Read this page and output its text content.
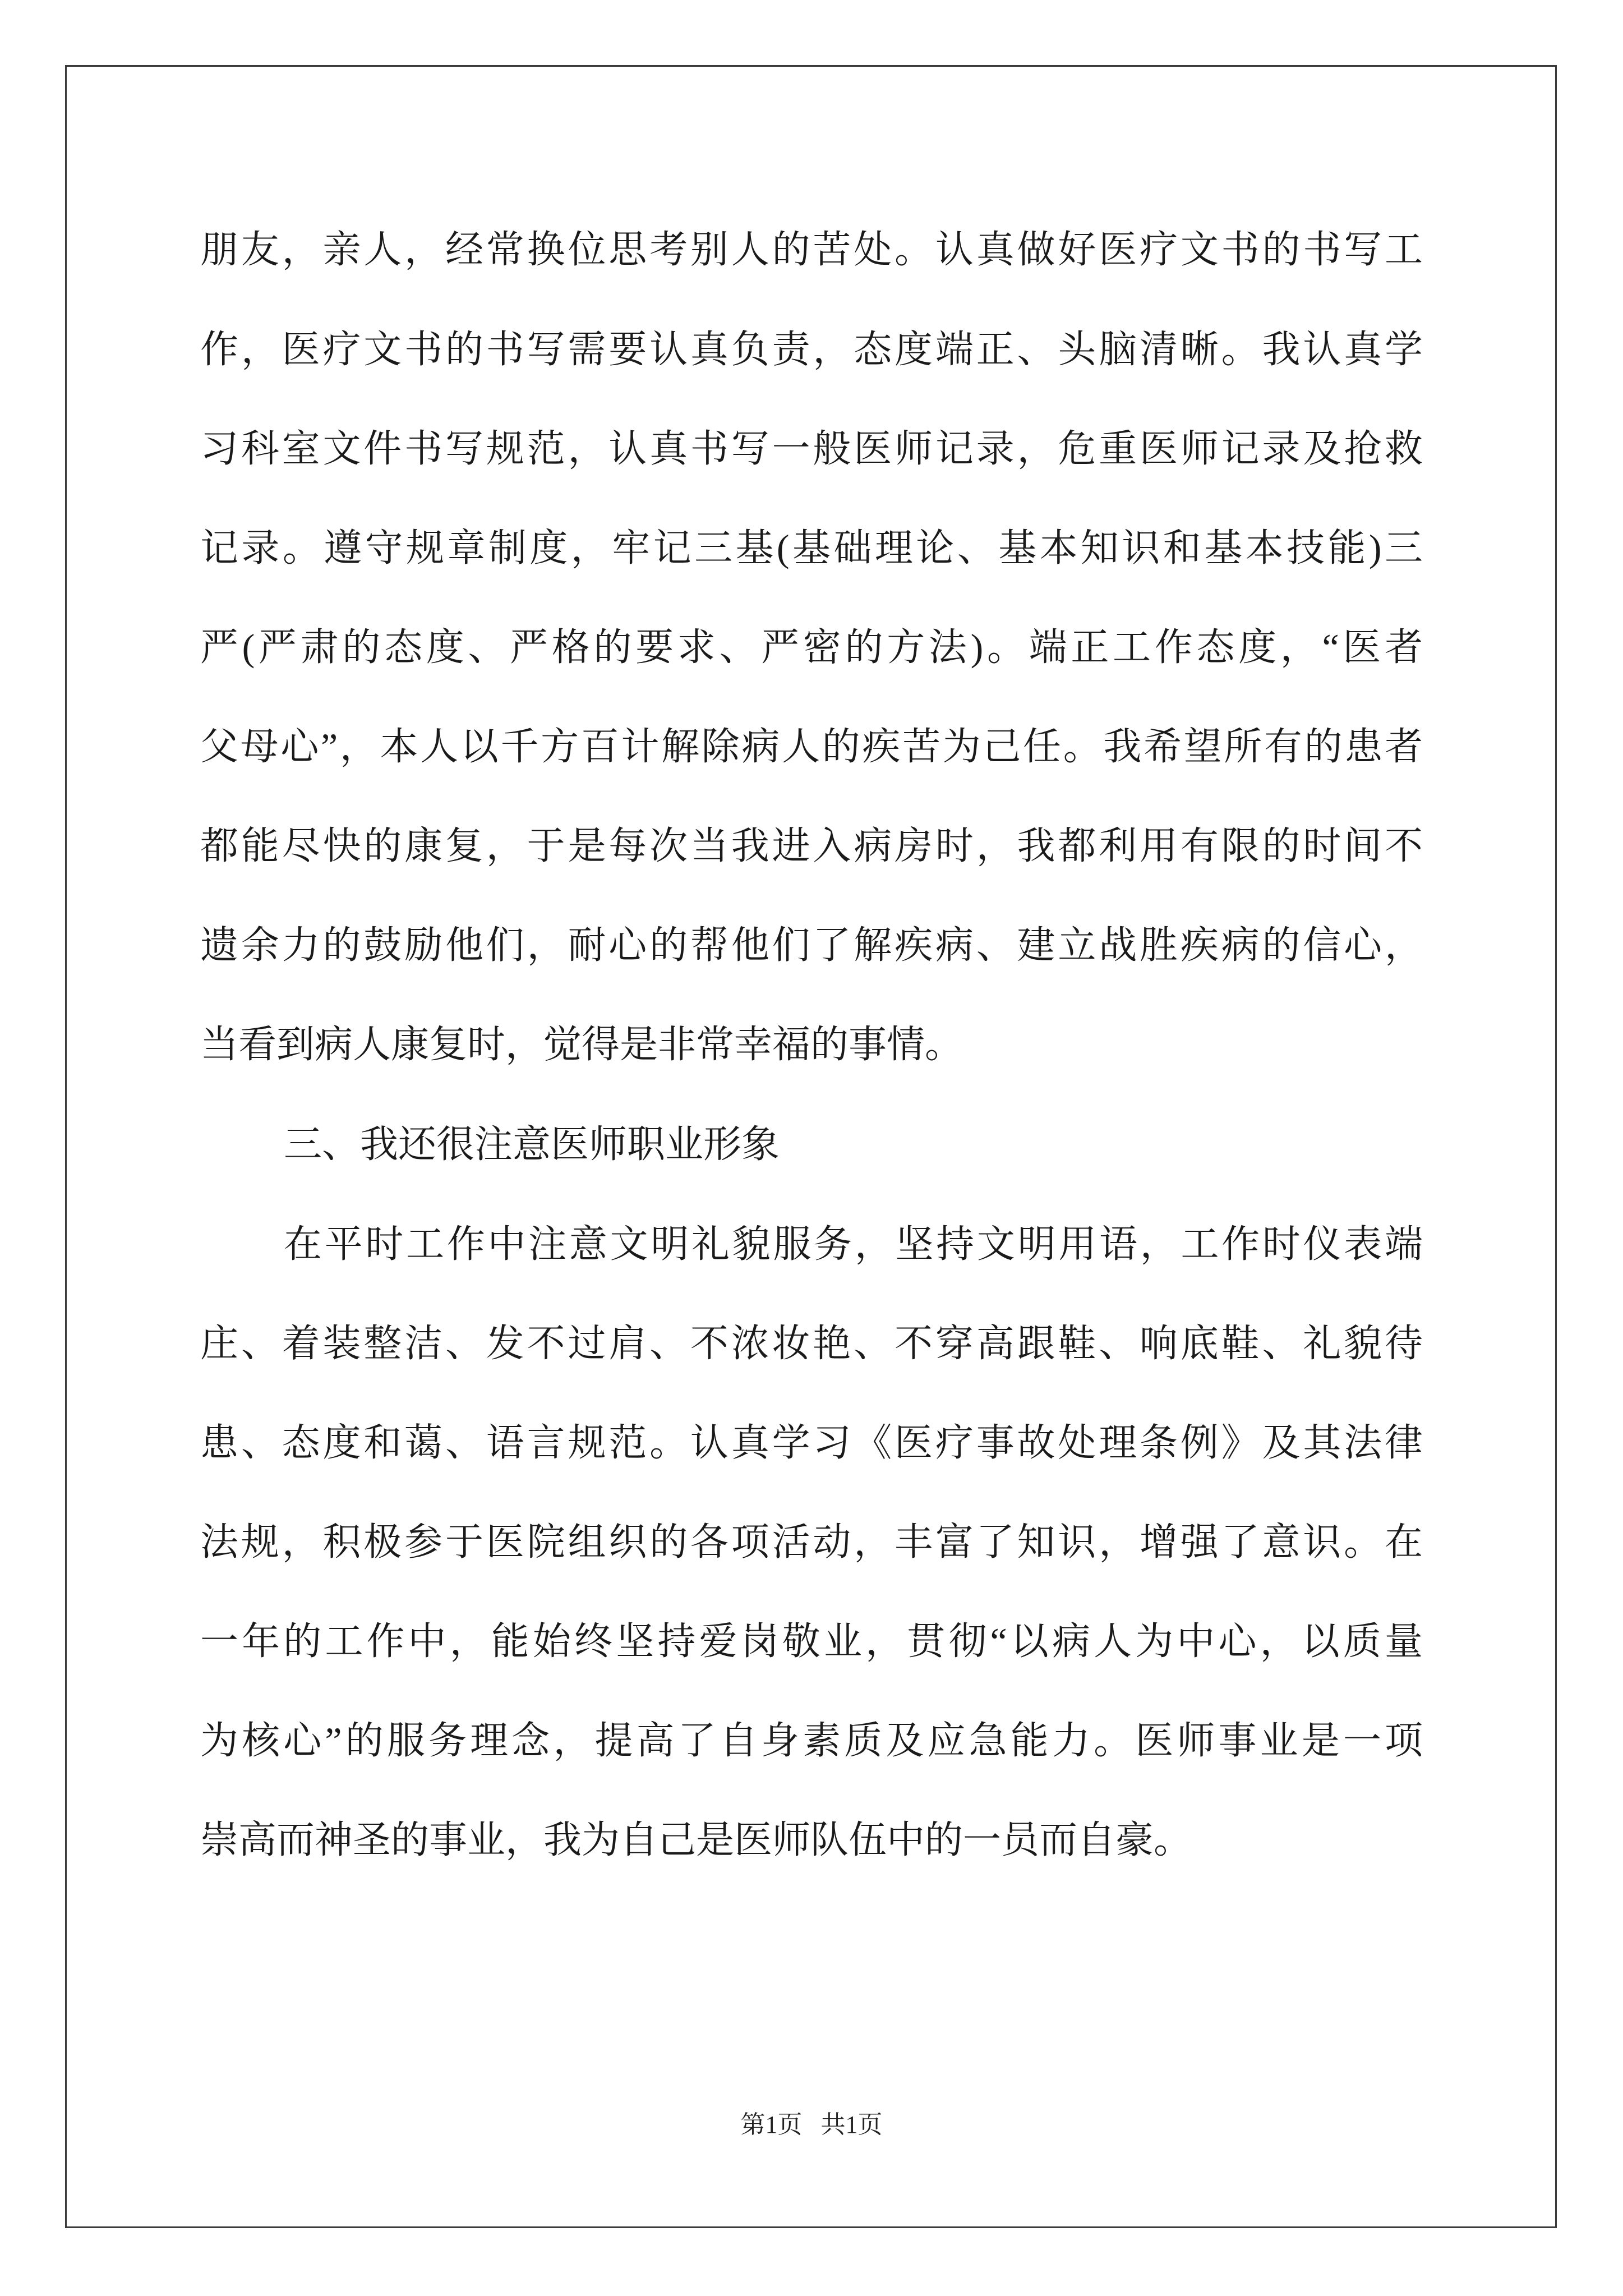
朋友，亲人，经常换位思考别人的苦处。认真做好医疗文书的书写工
作，医疗文书的书写需要认真负责，态度端正、头脑清晰。我认真学
习科室文件书写规范，认真书写一般医师记录，危重医师记录及抢救
记录。遵守规章制度，牢记三基(基础理论、基本知识和基本技能)三
严(严肃的态度、严格的要求、严密的方法)。端正工作态度，“医者
父母心”，本人以千方百计解除病人的疾苦为己任。我希望所有的患者
都能尽快的康复，于是每次当我进入病房时，我都利用有限的时间不
遗余力的鼓励他们，耐心的帮他们了解疾病、建立战胜疾病的信心，
当看到病人康复时，觉得是非常幸福的事情。
三、我还很注意医师职业形象
在平时工作中注意文明礼貌服务，坚持文明用语，工作时仪表端
庄、着装整洁、发不过肩、不浓妆艳、不穿高跟鞋、响底鞋、礼貌待
患、态度和蔼、语言规范。认真学习《医疗事故处理条例》及其法律
法规，积极参于医院组织的各项活动，丰富了知识，增强了意识。在
一年的工作中，能始终坚持爱岗敬业，贯彻“以病人为中心，以质量
为核心”的服务理念，提高了自身素质及应急能力。医师事业是一项
崇高而神圣的事业，我为自己是医师队伍中的一员而自豪。
第1页   共1页
